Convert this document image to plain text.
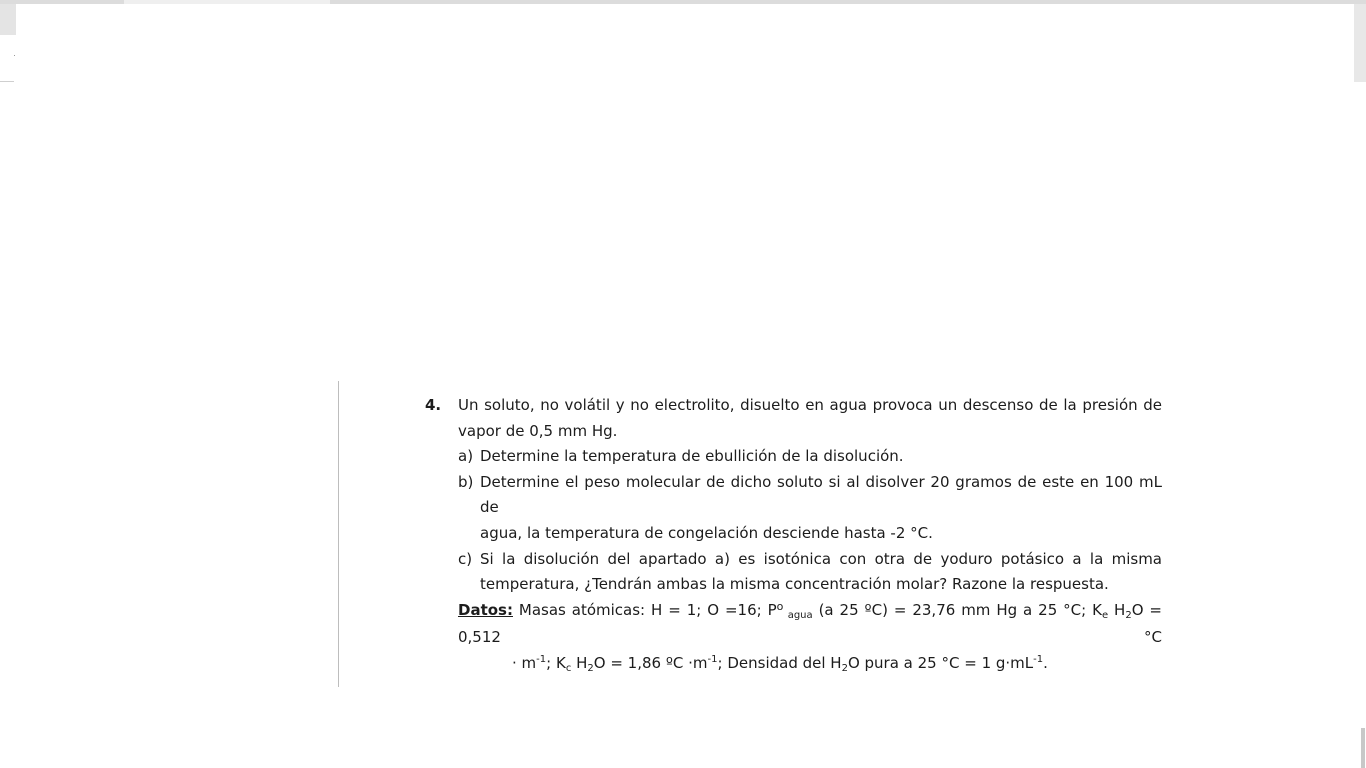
4. Un soluto, no volátil y no electrolito, disuelto en agua provoca un descenso de la presión de
vapor de 0,5 mm Hg.
a) Determine la temperatura de ebullición de la disolución.
b) Determine el peso molecular de dicho soluto si al disolver 20 gramos de este en 100 mL de
agua, la temperatura de congelación desciende hasta -2 °C.
c) Si la disolución del apartado a) es isotónica con otra de yoduro potásico a la misma
temperatura, ¿Tendrán ambas la misma concentración molar? Razone la respuesta.
Datos: Masas atómicas: H = 1; O =16; $P^o$ $_{agua}$ (a 25 ºC) = 23,76 mm Hg a 25 °C; $K_e$ $H_2O = 0,512$ °C
· $m^{-1}$; $K_c$ $H_2O = 1,86$ ºC $\cdot m^{-1}$; Densidad del $H_2O$ pura a 25 °C = 1 $g\cdot mL^{-1}$.
